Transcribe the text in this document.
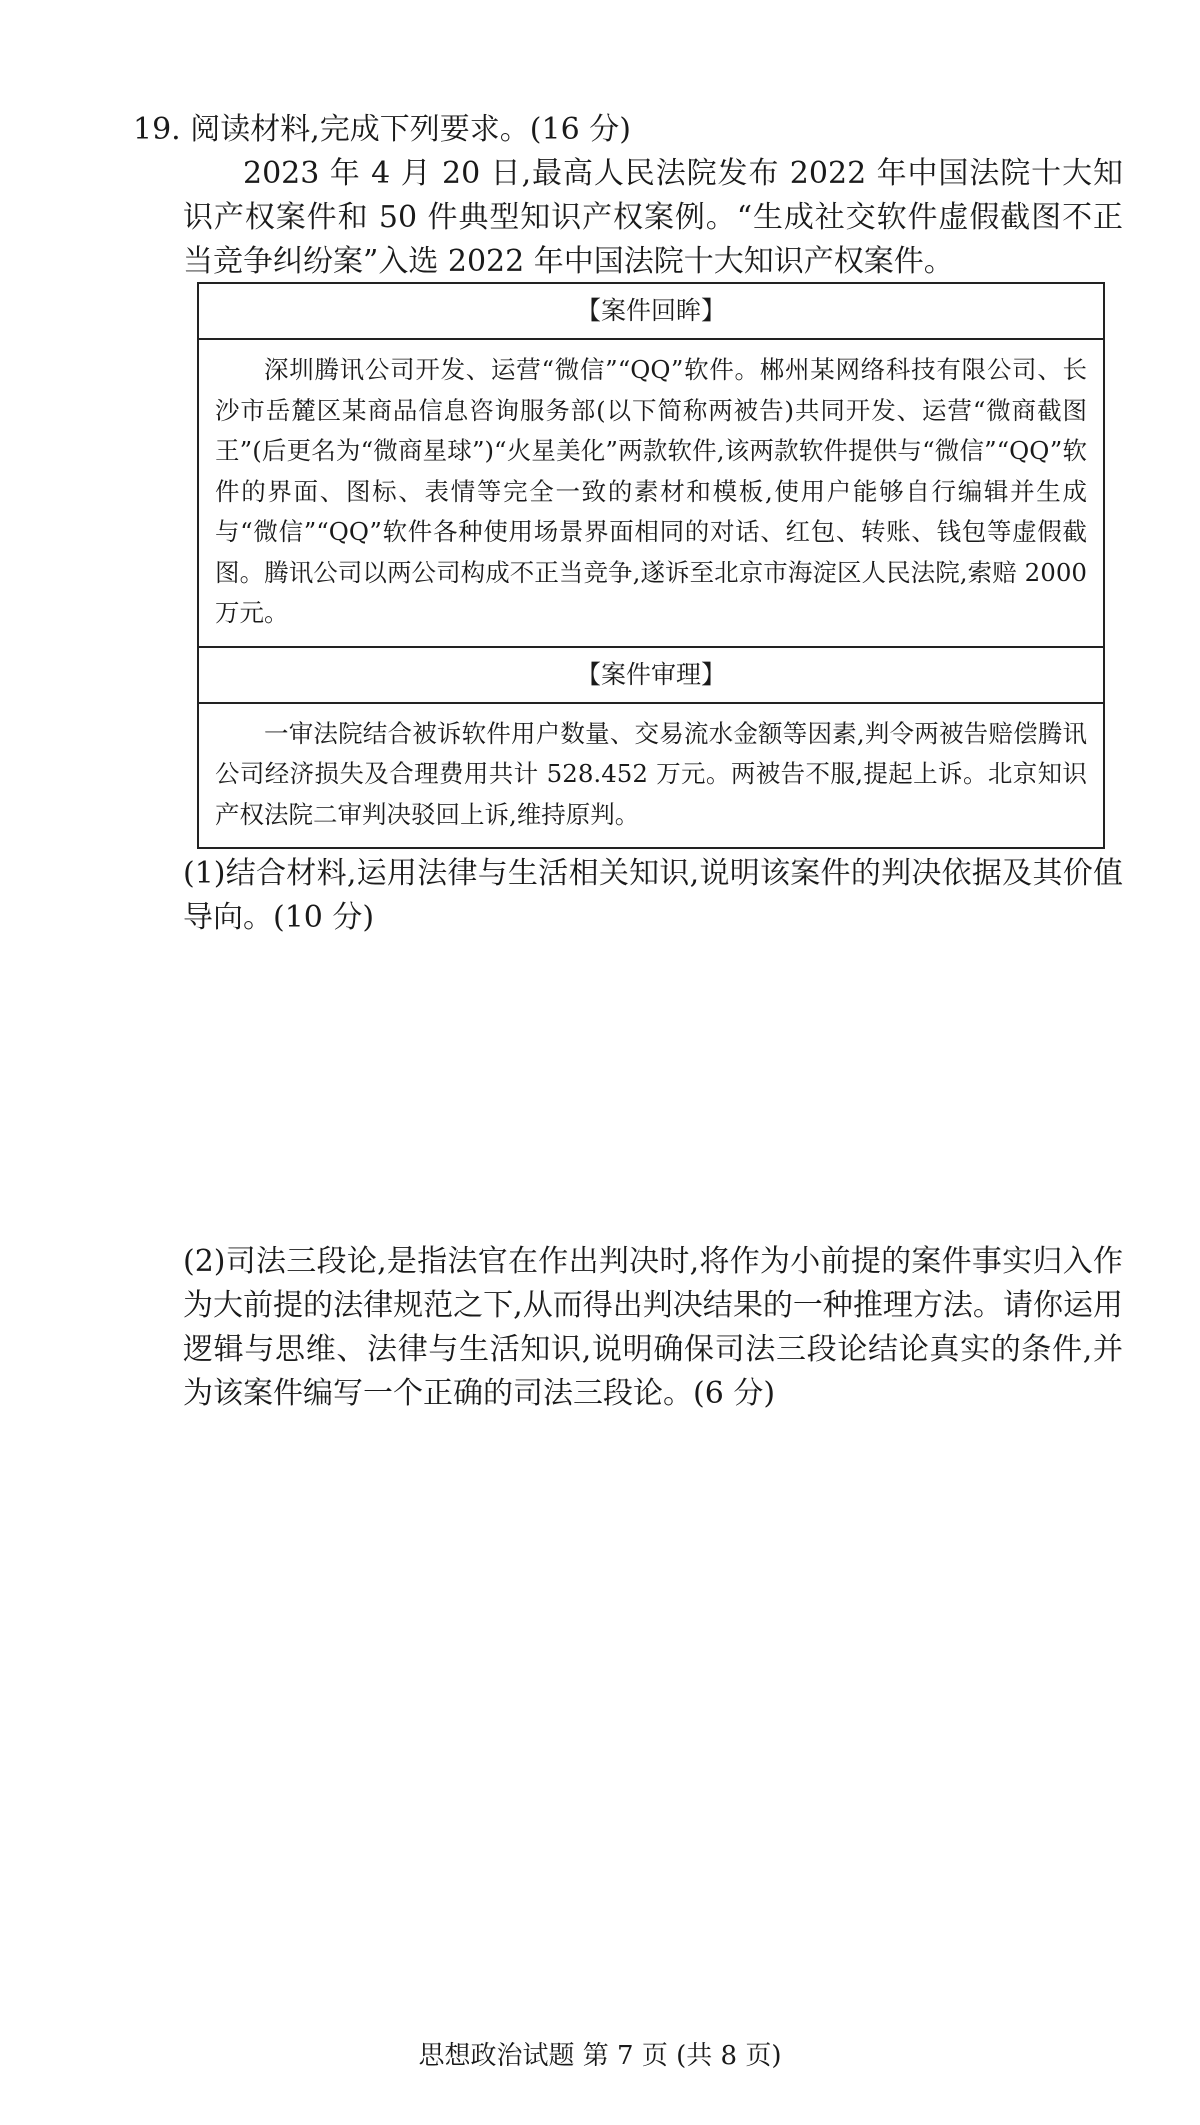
19. 阅读材料,完成下列要求。(16 分)

2023 年 4 月 20 日,最高人民法院发布 2022 年中国法院十大知识产权案件和 50 件典型知识产权案例。“生成社交软件虚假截图不正当竞争纠纷案”入选 2022 年中国法院十大知识产权案件。

【案件回眸】

深圳腾讯公司开发、运营“微信”“QQ”软件。郴州某网络科技有限公司、长沙市岳麓区某商品信息咨询服务部(以下简称两被告)共同开发、运营“微商截图王”(后更名为“微商星球”)“火星美化”两款软件,该两款软件提供与“微信”“QQ”软件的界面、图标、表情等完全一致的素材和模板,使用户能够自行编辑并生成与“微信”“QQ”软件各种使用场景界面相同的对话、红包、转账、钱包等虚假截图。腾讯公司以两公司构成不正当竞争,遂诉至北京市海淀区人民法院,索赔 2000 万元。

【案件审理】

一审法院结合被诉软件用户数量、交易流水金额等因素,判令两被告赔偿腾讯公司经济损失及合理费用共计 528.452 万元。两被告不服,提起上诉。北京知识产权法院二审判决驳回上诉,维持原判。

(1)结合材料,运用法律与生活相关知识,说明该案件的判决依据及其价值导向。(10 分)

(2)司法三段论,是指法官在作出判决时,将作为小前提的案件事实归入作为大前提的法律规范之下,从而得出判决结果的一种推理方法。请你运用逻辑与思维、法律与生活知识,说明确保司法三段论结论真实的条件,并为该案件编写一个正确的司法三段论。(6 分)

思想政治试题 第 7 页 (共 8 页)
